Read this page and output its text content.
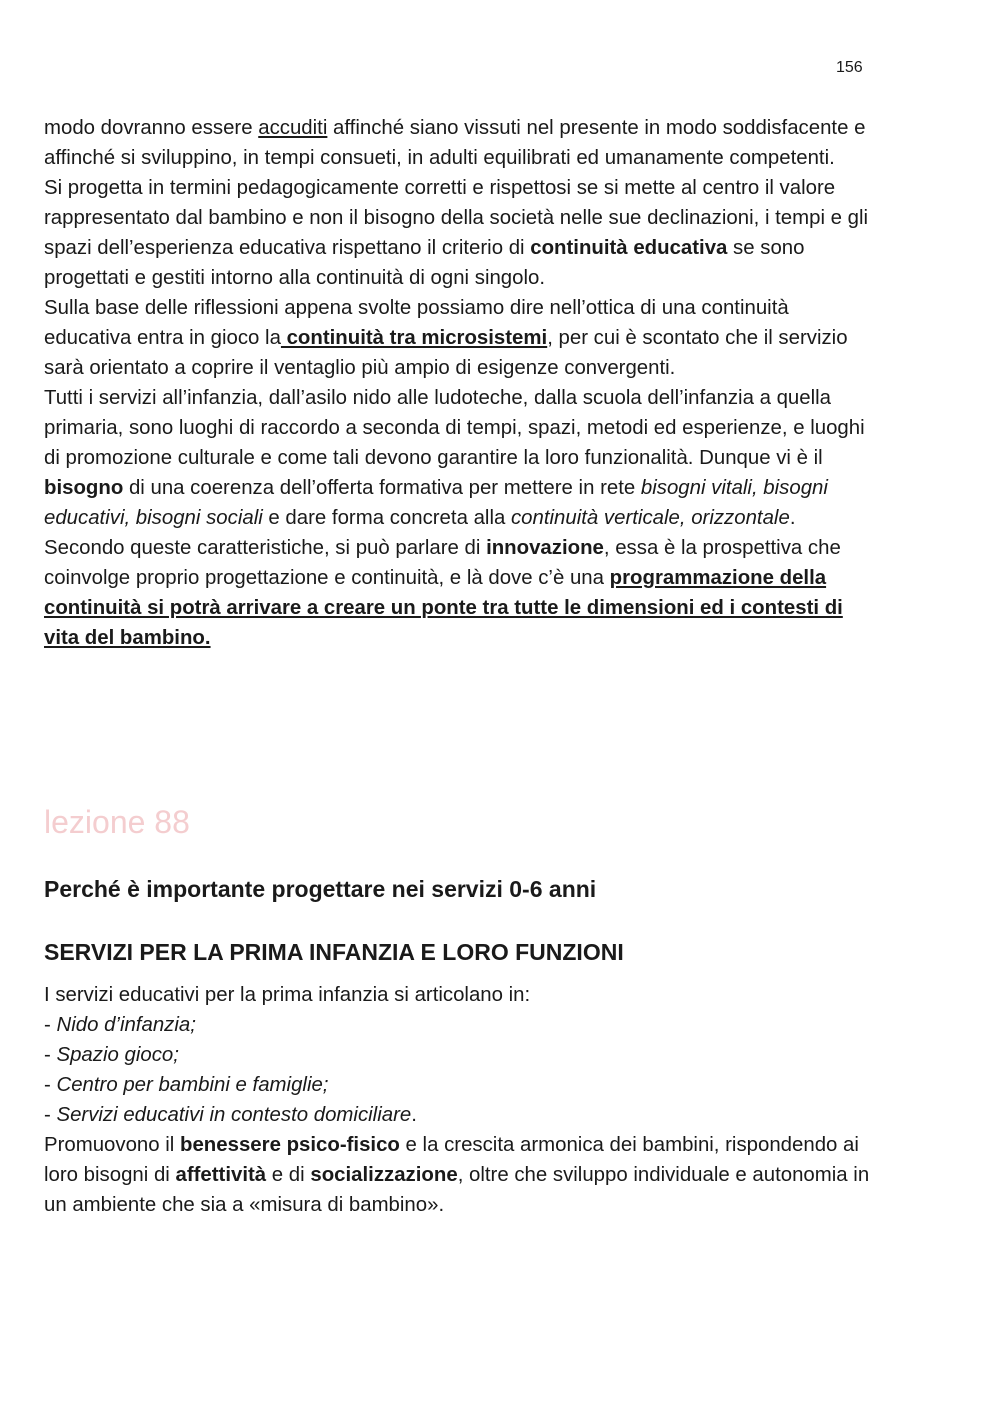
156

modo dovranno essere accuditi affinché siano vissuti nel presente in modo soddisfacente e affinché si sviluppino, in tempi consueti, in adulti equilibrati ed umanamente competenti.

Si progetta in termini pedagogicamente corretti e rispettosi se si mette al centro il valore rappresentato dal bambino e non il bisogno della società nelle sue declinazioni, i tempi e gli spazi dell’esperienza educativa rispettano il criterio di continuità educativa se sono progettati e gestiti intorno alla continuità di ogni singolo.

Sulla base delle riflessioni appena svolte possiamo dire nell’ottica di una continuità educativa entra in gioco la continuità tra microsistemi, per cui è scontato che il servizio sarà orientato a coprire il ventaglio più ampio di esigenze convergenti.

Tutti i servizi all’infanzia, dall’asilo nido alle ludoteche, dalla scuola dell’infanzia a quella primaria, sono luoghi di raccordo a seconda di tempi, spazi, metodi ed esperienze, e luoghi di promozione culturale e come tali devono garantire la loro funzionalità. Dunque vi è il bisogno di una coerenza dell’offerta formativa per mettere in rete bisogni vitali, bisogni educativi, bisogni sociali e dare forma concreta alla continuità verticale, orizzontale.

Secondo queste caratteristiche, si può parlare di innovazione, essa è la prospettiva che coinvolge proprio progettazione e continuità, e là dove c’è una programmazione della continuità si potrà arrivare a creare un ponte tra tutte le dimensioni ed i contesti di vita del bambino.

lezione 88
Perché è importante progettare nei servizi 0-6 anni
SERVIZI PER LA PRIMA INFANZIA E LORO FUNZIONI

I servizi educativi per la prima infanzia si articolano in:

- Nido d’infanzia;

- Spazio gioco;

- Centro per bambini e famiglie;

- Servizi educativi in contesto domiciliare.

Promuovono il benessere psico-fisico e la crescita armonica dei bambini, rispondendo ai loro bisogni di affettività e di socializzazione, oltre che sviluppo individuale e autonomia in un ambiente che sia a «misura di bambino».
